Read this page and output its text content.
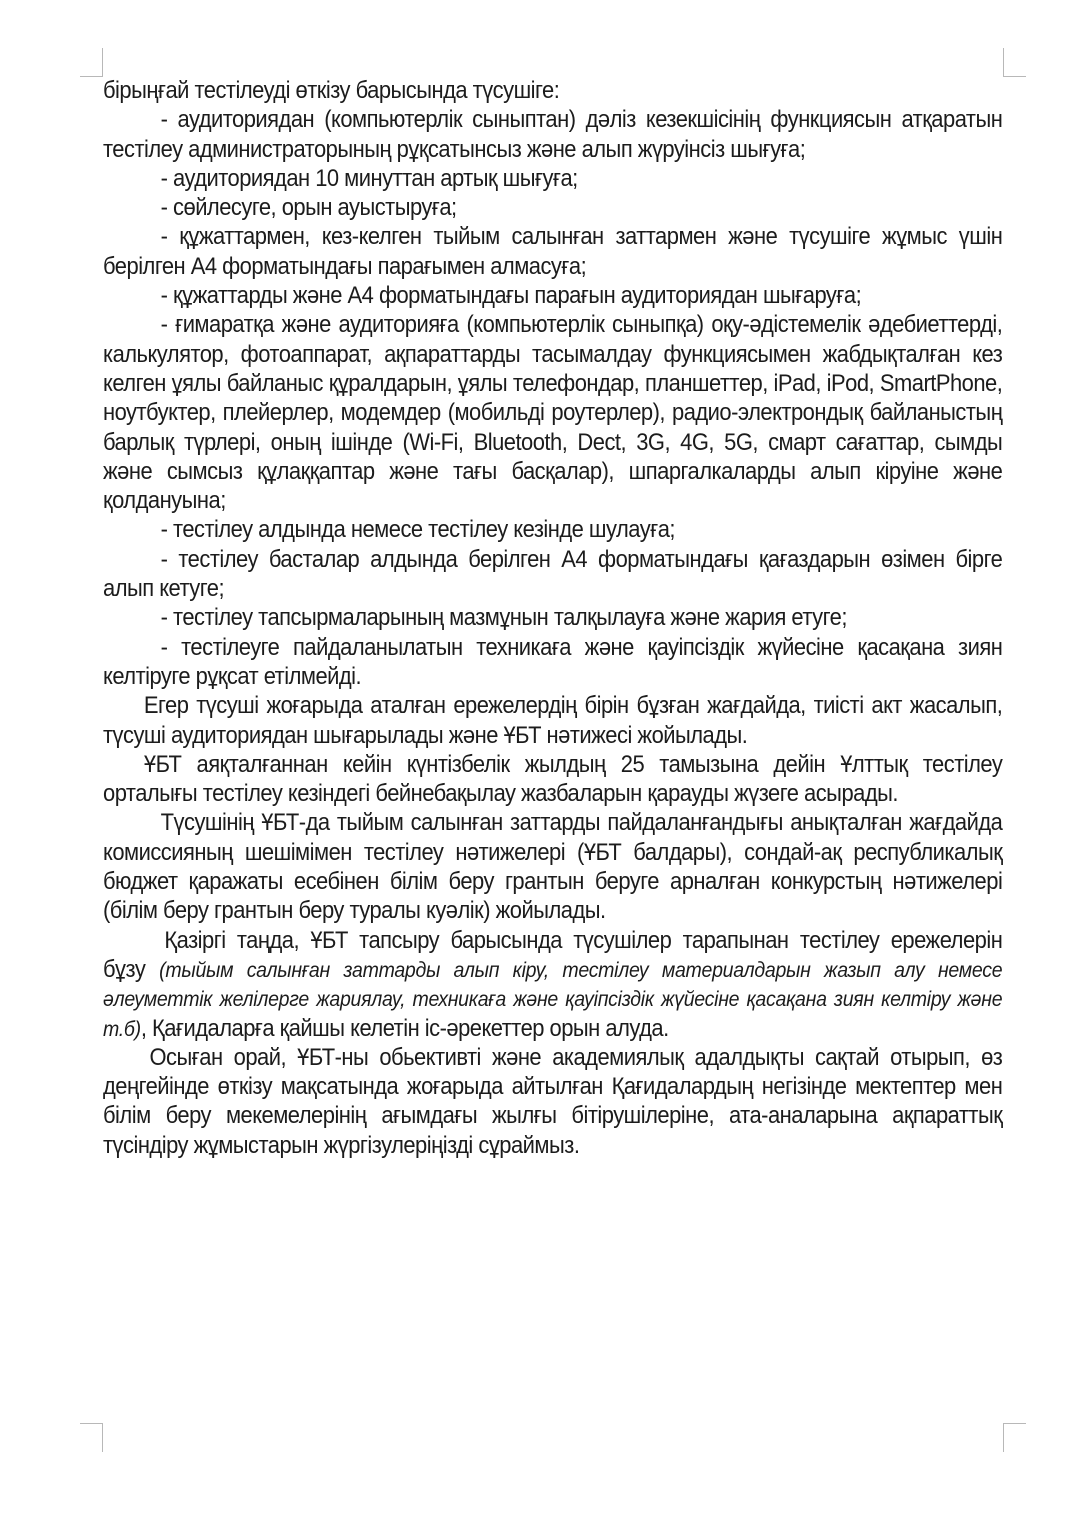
бірыңғай тестілеуді өткізу барысында түсушіге:

- аудиториядан (компьютерлік сыныптан) дәліз кезекшісінің функциясын атқаратын тестілеу администраторының рұқсатынсыз және алып жүруінсіз шығуға;

- аудиториядан 10 минуттан артық шығуға;

- сөйлесуге, орын ауыстыруға;

- құжаттармен, кез-келген тыйым салынған заттармен және түсушіге жұмыс үшін берілген А4 форматындағы парағымен алмасуға;

- құжаттарды және А4 форматындағы парағын аудиториядан шығаруға;

- ғимаратқа және аудиторияға (компьютерлік сыныпқа) оқу-әдістемелік әдебиеттерді, калькулятор, фотоаппарат, ақпараттарды тасымалдау функциясымен жабдықталған кез келген ұялы байланыс құралдарын, ұялы телефондар, планшеттер, iPad, iPod, SmartPhone, ноутбуктер, плейерлер, модемдер (мобильді роутерлер), радио-электрондық байланыстың барлық түрлері, оның ішінде (Wi-Fi, Bluetooth, Dect, 3G, 4G, 5G, смарт сағаттар, сымды және сымсыз құлаққаптар және тағы басқалар), шпаргалкаларды алып кіруіне және қолдануына;

- тестілеу алдында немесе тестілеу кезінде шулауға;

- тестілеу басталар алдында берілген А4 форматындағы қағаздарын өзімен бірге алып кетуге;

- тестілеу тапсырмаларының мазмұнын талқылауға және жария етуге;

- тестілеуге пайдаланылатын техникаға және қауіпсіздік жүйесіне қасақана зиян келтіруге рұқсат етілмейді.

Егер түсуші жоғарыда аталған ережелердің бірін бұзған жағдайда, тиісті акт жасалып, түсуші аудиториядан шығарылады және ҰБТ нәтижесі жойылады.

ҰБТ аяқталғаннан кейін күнтізбелік жылдың 25 тамызына дейін Ұлттық тестілеу орталығы тестілеу кезіндегі бейнебақылау жазбаларын қарауды жүзеге асырады.

Түсушінің ҰБТ-да тыйым салынған заттарды пайдаланғандығы анықталған жағдайда комиссияның шешімімен тестілеу нәтижелері (ҰБТ балдары), сондай-ақ республикалық бюджет қаражаты есебінен білім беру грантын беруге арналған конкурстың нәтижелері (білім беру грантын беру туралы куәлік) жойылады.

Қазіргі таңда, ҰБТ тапсыру барысында түсушілер тарапынан тестілеу ережелерін бұзу (тыйым салынған заттарды алып кіру, тестілеу материалдарын жазып алу немесе әлеуметтік желілерге жариялау, техникаға және қауіпсіздік жүйесіне қасақана зиян келтіру және т.б), Қағидаларға қайшы келетін іс-әрекеттер орын алуда.

Осыған орай, ҰБТ-ны обьективті және академиялық адалдықты сақтай отырып, өз деңгейінде өткізу мақсатында жоғарыда айтылған Қағидалардың негізінде мектептер мен білім беру мекемелерінің ағымдағы жылғы бітірушілеріне, ата-аналарына ақпараттық түсіндіру жұмыстарын жүргізулеріңізді сұраймыз.
